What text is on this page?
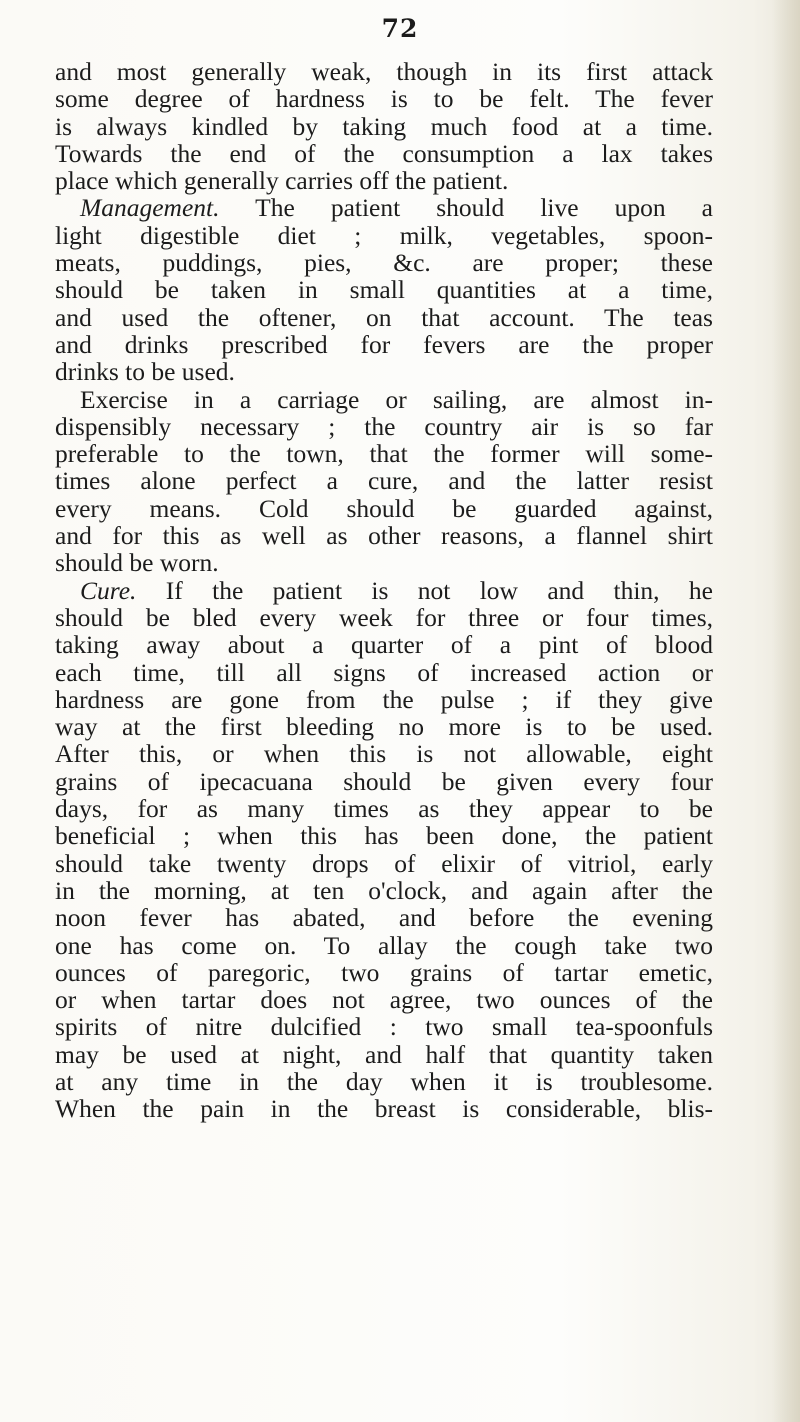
72
and most generally weak, though in its first attack
some degree of hardness is to be felt. The fever
is always kindled by taking much food at a time.
Towards the end of the consumption a lax takes
place which generally carries off the patient.
Management. The patient should live upon a
light digestible diet ; milk, vegetables, spoon-
meats, puddings, pies, &c. are proper; these
should be taken in small quantities at a time,
and used the oftener, on that account. The teas
and drinks prescribed for fevers are the proper
drinks to be used.
Exercise in a carriage or sailing, are almost in-
dispensibly necessary ; the country air is so far
preferable to the town, that the former will some-
times alone perfect a cure, and the latter resist
every means. Cold should be guarded against,
and for this as well as other reasons, a flannel shirt
should be worn.
Cure. If the patient is not low and thin, he
should be bled every week for three or four times,
taking away about a quarter of a pint of blood
each time, till all signs of increased action or
hardness are gone from the pulse ; if they give
way at the first bleeding no more is to be used.
After this, or when this is not allowable, eight
grains of ipecacuana should be given every four
days, for as many times as they appear to be
beneficial ; when this has been done, the patient
should take twenty drops of elixir of vitriol, early
in the morning, at ten o'clock, and again after the
noon fever has abated, and before the evening
one has come on. To allay the cough take two
ounces of paregoric, two grains of tartar emetic,
or when tartar does not agree, two ounces of the
spirits of nitre dulcified : two small tea-spoonfuls
may be used at night, and half that quantity taken
at any time in the day when it is troublesome.
When the pain in the breast is considerable, blis-
